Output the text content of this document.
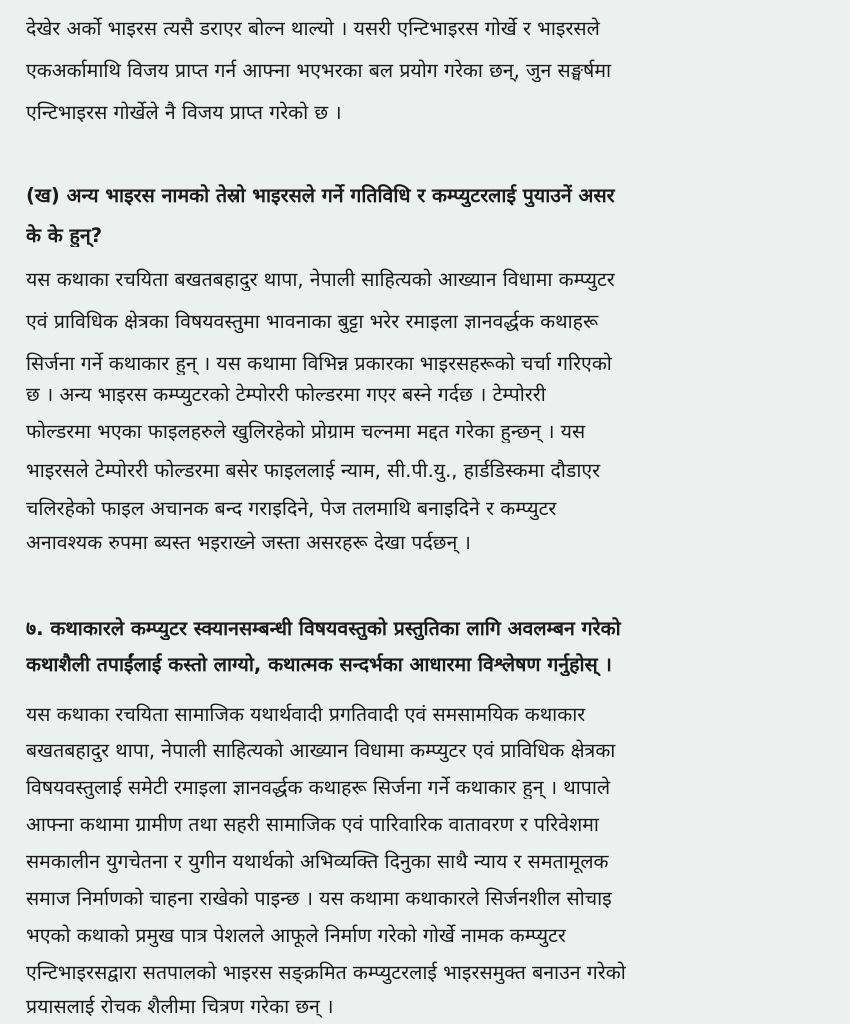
देखेर अर्को भाइरस त्यसै डराएर बोल्न थाल्यो । यसरी एन्टिभाइरस गोर्खे र भाइरसले
एकअर्कामाथि विजय प्राप्त गर्न आफ्ना भएभरका बल प्रयोग गरेका छन्, जुन सङ्घर्षमा
एन्टिभाइरस गोर्खेले नै विजय प्राप्त गरेको छ ।
(ख) अन्य भाइरस नामको तेस्रो भाइरसले गर्ने गतिविधि र कम्प्युटरलाई पुयाउनें असर
के के हुन्?
यस कथाका रचयिता बखतबहादुर थापा, नेपाली साहित्यको आख्यान विधामा कम्प्युटर
एवं प्राविधिक क्षेत्रका विषयवस्तुमा भावनाका बुट्टा भरेर रमाइला ज्ञानवर्द्धक कथाहरू
सिर्जना गर्ने कथाकार हुन् । यस कथामा विभिन्न प्रकारका भाइरसहरूको चर्चा गरिएको
छ । अन्य भाइरस कम्प्युटरको टेम्पोररी फोल्डरमा गएर बस्ने गर्दछ । टेम्पोररी
फोल्डरमा भएका फाइलहरुले खुलिरहेको प्रोग्राम चल्नमा मद्दत गरेका हुन्छन् । यस
भाइरसले टेम्पोररी फोल्डरमा बसेर फाइललाई न्याम, सी.पी.यु., हार्डडिस्कमा दौडाएर
चलिरहेको फाइल अचानक बन्द गराइदिने, पेज तलमाथि बनाइदिने र कम्प्युटर
अनावश्यक रुपमा ब्यस्त भइराख्ने जस्ता असरहरू देखा पर्दछन् ।
७. कथाकारले कम्प्युटर स्क्यानसम्बन्धी विषयवस्तुको प्रस्तुतिका लागि अवलम्बन गरेको
कथाशैली तपाईंलाई कस्तो लाग्यो, कथात्मक सन्दर्भका आधारमा विश्लेषण गर्नुहोस् ।
यस कथाका रचयिता सामाजिक यथार्थवादी प्रगतिवादी एवं समसामयिक कथाकार
बखतबहादुर थापा, नेपाली साहित्यको आख्यान विधामा कम्प्युटर एवं प्राविधिक क्षेत्रका
विषयवस्तुलाई समेटी रमाइला ज्ञानवर्द्धक कथाहरू सिर्जना गर्ने कथाकार हुन् । थापाले
आफ्ना कथामा ग्रामीण तथा सहरी सामाजिक एवं पारिवारिक वातावरण र परिवेशमा
समकालीन युगचेतना र युगीन यथार्थको अभिव्यक्ति दिनुका साथै न्याय र समतामूलक
समाज निर्माणको चाहना राखेको पाइन्छ । यस कथामा कथाकारले सिर्जनशील सोचाइ
भएको कथाको प्रमुख पात्र पेशलले आफूले निर्माण गरेको गोर्खे नामक कम्प्युटर
एन्टिभाइरसद्वारा सतपालको भाइरस सङ्क्रमित कम्प्युटरलाई भाइरसमुक्त बनाउन गरेको
प्रयासलाई रोचक शैलीमा चित्रण गरेका छन् ।
